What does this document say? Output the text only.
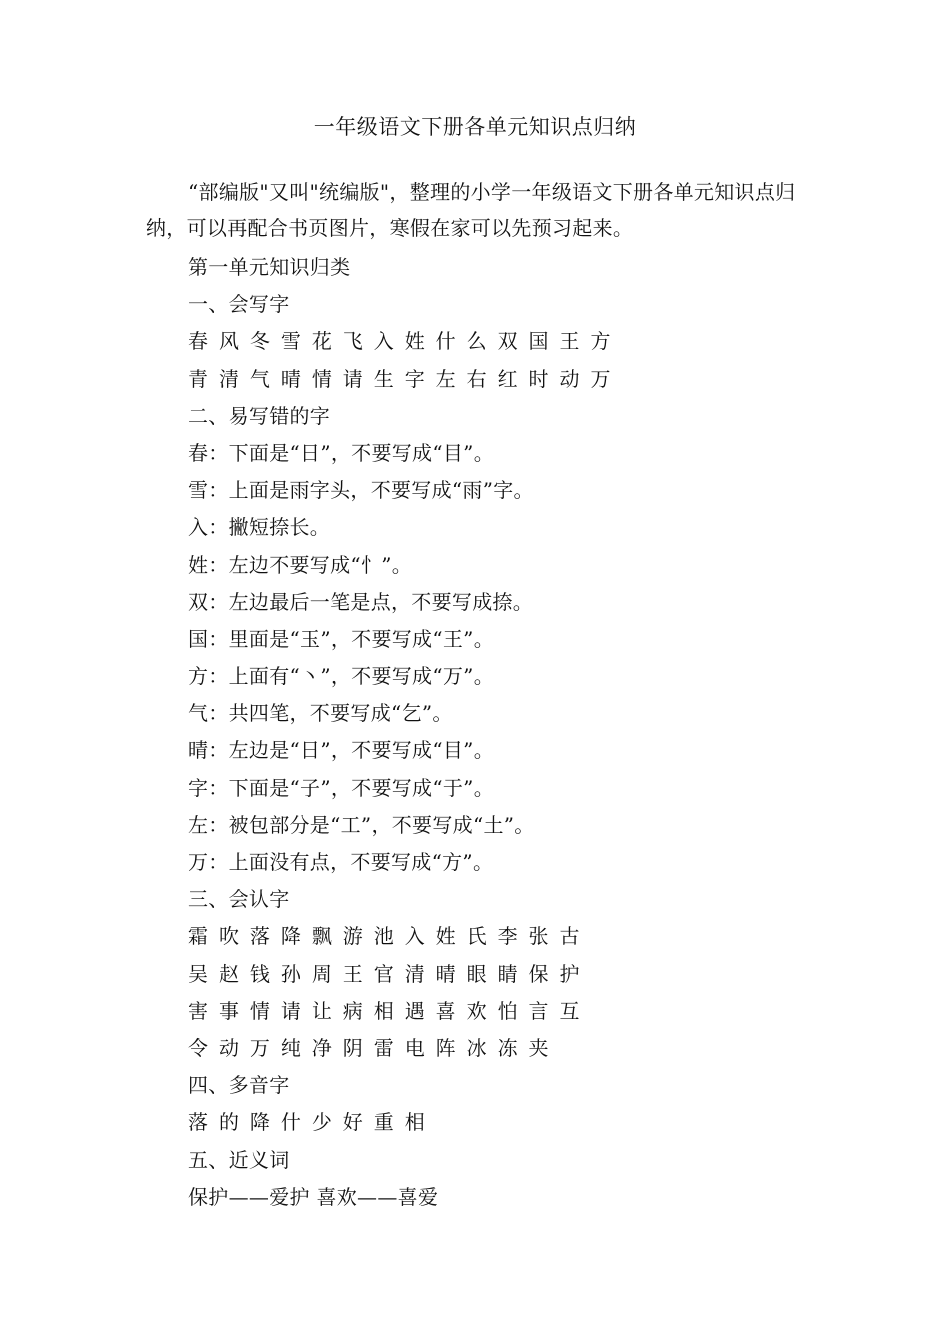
一年级语文下册各单元知识点归纳

“部编版"又叫"统编版"，整理的小学一年级语文下册各单元知识点归纳，可以再配合书页图片，寒假在家可以先预习起来。

第一单元知识归类
一、会写字
春 风 冬 雪 花 飞 入 姓 什 么 双 国 王 方
青 清 气 晴 情 请 生 字 左 右 红 时 动 万
二、易写错的字
春：下面是“日”，不要写成“目”。
雪：上面是雨字头，不要写成“雨”字。
入：撇短捺长。
姓：左边不要写成“忄”。
双：左边最后一笔是点，不要写成捺。
国：里面是“玉”，不要写成“王”。
方：上面有“丶”，不要写成“万”。
气：共四笔，不要写成“乞”。
晴：左边是“日”，不要写成“目”。
字：下面是“子”，不要写成“于”。
左：被包部分是“工”，不要写成“土”。
万：上面没有点，不要写成“方”。
三、会认字
霜 吹 落 降 飘 游 池 入 姓 氏 李 张 古
吴 赵 钱 孙 周 王 官 清 晴 眼 睛 保 护
害 事 情 请 让 病 相 遇 喜 欢 怕 言 互
令 动 万 纯 净 阴 雷 电 阵 冰 冻 夹
四、多音字
落 的 降 什 少 好 重 相
五、近义词
保护——爱护 喜欢——喜爱
